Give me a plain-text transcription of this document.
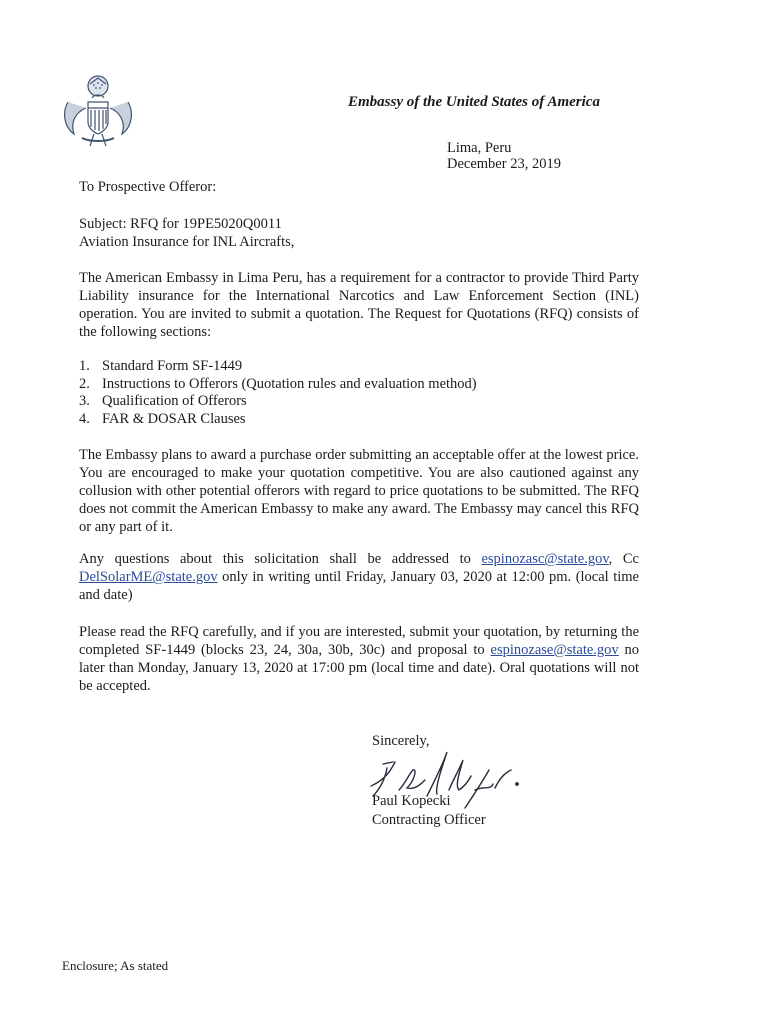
Embassy of the United States of America
Lima, Peru
December 23, 2019
To Prospective Offeror:
Subject: RFQ for 19PE5020Q0011
Aviation Insurance for INL Aircrafts,
The American Embassy in Lima Peru, has a requirement for a contractor to provide Third Party Liability insurance for the International Narcotics and Law Enforcement Section (INL) operation. You are invited to submit a quotation. The Request for Quotations (RFQ) consists of the following sections:
1. Standard Form SF-1449
2. Instructions to Offerors (Quotation rules and evaluation method)
3. Qualification of Offerors
4. FAR & DOSAR Clauses
The Embassy plans to award a purchase order submitting an acceptable offer at the lowest price. You are encouraged to make your quotation competitive. You are also cautioned against any collusion with other potential offerors with regard to price quotations to be submitted. The RFQ does not commit the American Embassy to make any award. The Embassy may cancel this RFQ or any part of it.
Any questions about this solicitation shall be addressed to espinozasc@state.gov, Cc DelSolarME@state.gov only in writing until Friday, January 03, 2020 at 12:00 pm. (local time and date)
Please read the RFQ carefully, and if you are interested, submit your quotation, by returning the completed SF-1449 (blocks 23, 24, 30a, 30b, 30c) and proposal to espinozase@state.gov no later than Monday, January 13, 2020 at 17:00 pm (local time and date). Oral quotations will not be accepted.
Sincerely,
Paul Kopecki
Contracting Officer
Enclosure; As stated
